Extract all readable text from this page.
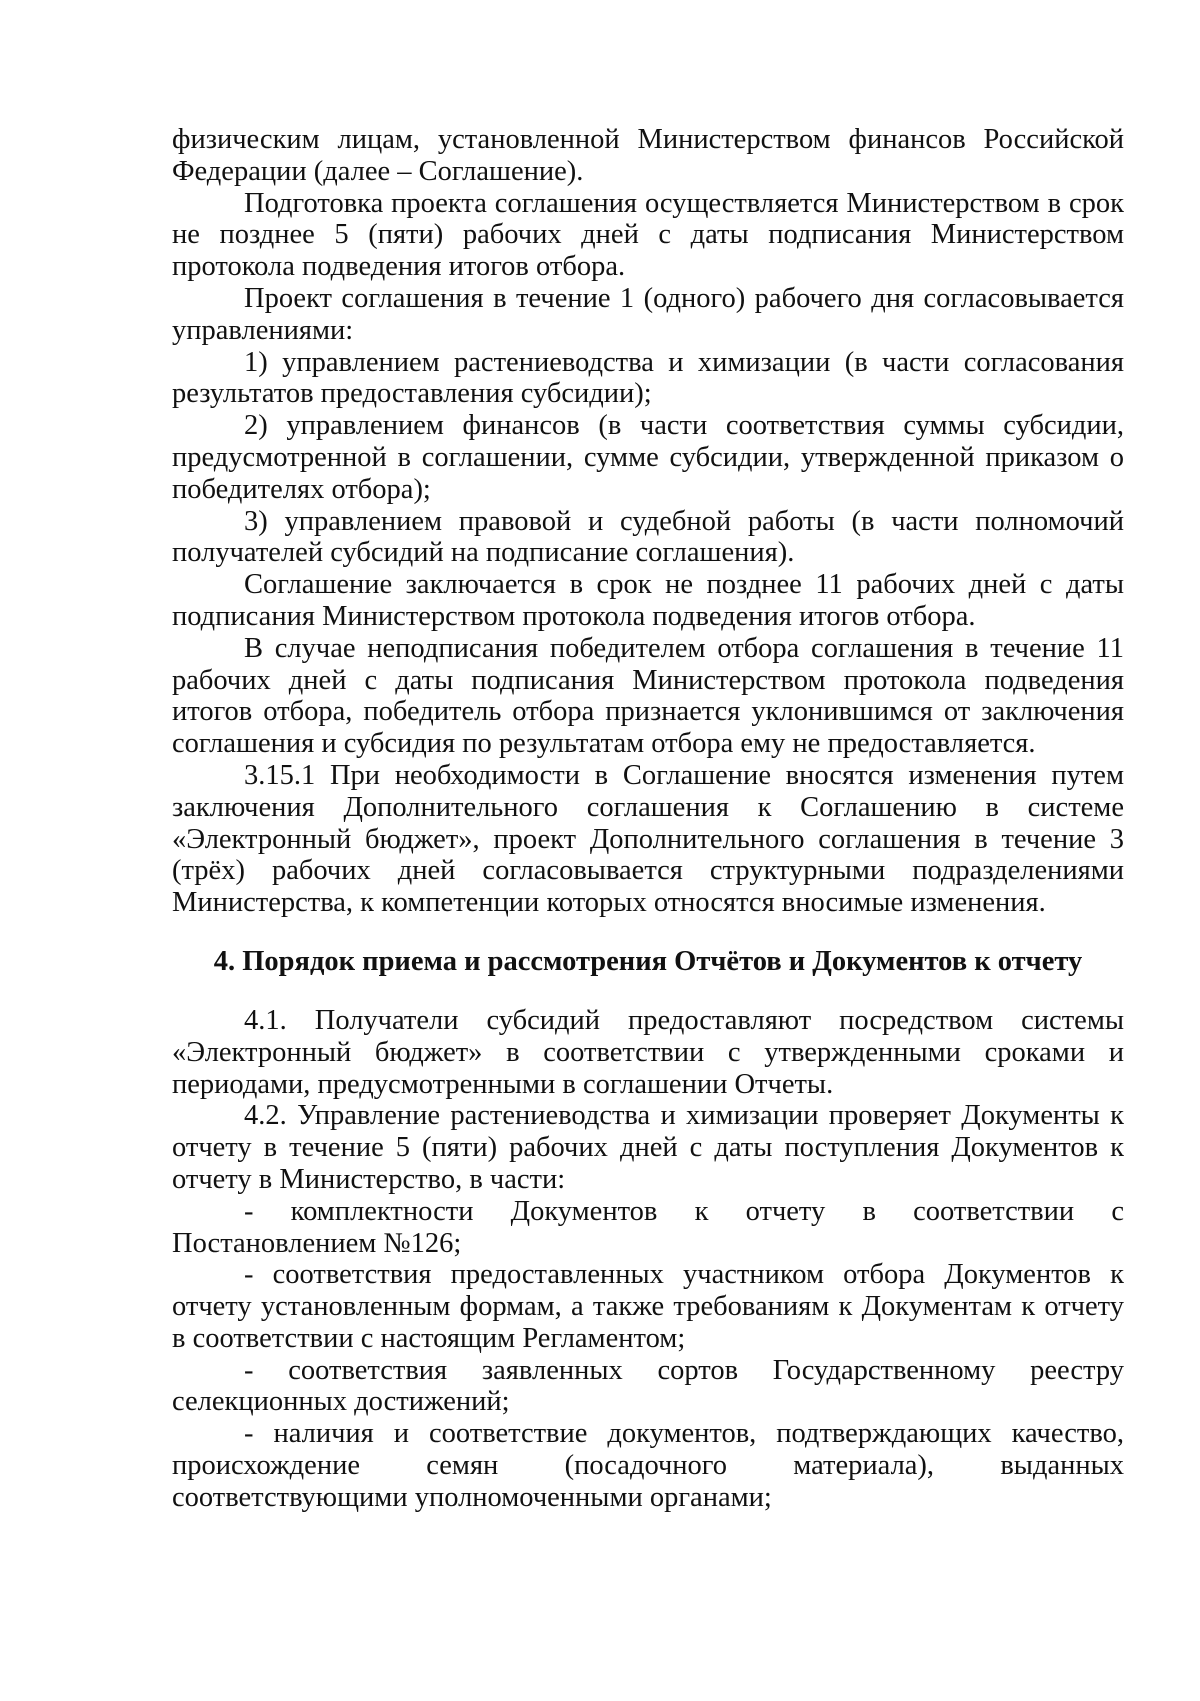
физическим лицам, установленной Министерством финансов Российской Федерации (далее – Соглашение).

Подготовка проекта соглашения осуществляется Министерством в срок не позднее 5 (пяти) рабочих дней с даты подписания Министерством протокола подведения итогов отбора.

Проект соглашения в течение 1 (одного) рабочего дня согласовывается управлениями:

1) управлением растениеводства и химизации (в части согласования результатов предоставления субсидии);

2) управлением финансов (в части соответствия суммы субсидии, предусмотренной в соглашении, сумме субсидии, утвержденной приказом о победителях отбора);

3) управлением правовой и судебной работы (в части полномочий получателей субсидий на подписание соглашения).

Соглашение заключается в срок не позднее 11 рабочих дней с даты подписания Министерством протокола подведения итогов отбора.

В случае неподписания победителем отбора соглашения в течение 11 рабочих дней с даты подписания Министерством протокола подведения итогов отбора, победитель отбора признается уклонившимся от заключения соглашения и субсидия по результатам отбора ему не предоставляется.

3.15.1 При необходимости в Соглашение вносятся изменения путем заключения Дополнительного соглашения к Соглашению в системе «Электронный бюджет», проект Дополнительного соглашения в течение 3 (трёх) рабочих дней согласовывается структурными подразделениями Министерства, к компетенции которых относятся вносимые изменения.

4. Порядок приема и рассмотрения Отчётов и Документов к отчету

4.1. Получатели субсидий предоставляют посредством системы «Электронный бюджет» в соответствии с утвержденными сроками и периодами, предусмотренными в соглашении Отчеты.

4.2. Управление растениеводства и химизации проверяет Документы к отчету в течение 5 (пяти) рабочих дней с даты поступления Документов к отчету в Министерство, в части:

- комплектности Документов к отчету в соответствии с Постановлением №126;

- соответствия предоставленных участником отбора Документов к отчету установленным формам, а также требованиям к Документам к отчету в соответствии с настоящим Регламентом;

- соответствия заявленных сортов Государственному реестру селекционных достижений;

- наличия и соответствие документов, подтверждающих качество, происхождение семян (посадочного материала), выданных соответствующими уполномоченными органами;
